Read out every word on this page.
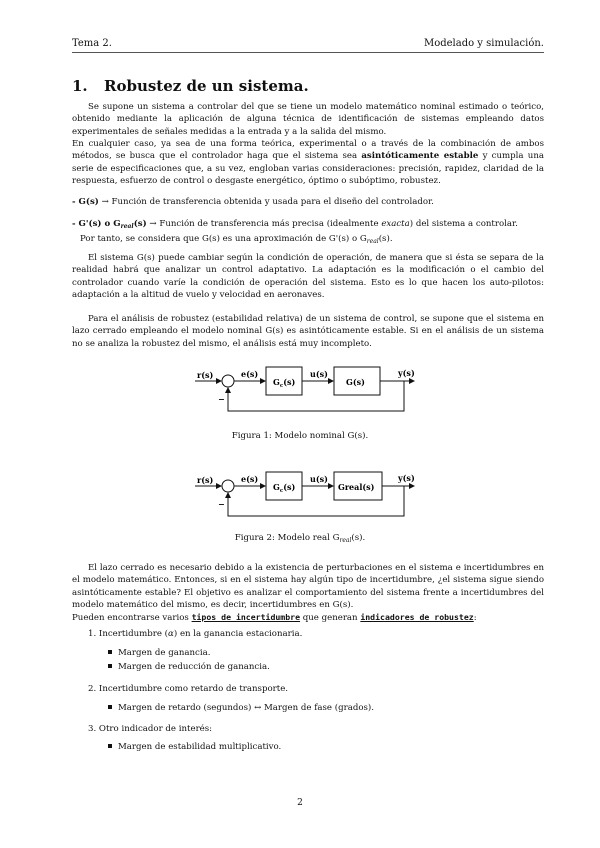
Tema 2.	Modelado y simulación.
1. Robustez de un sistema.
Se supone un sistema a controlar del que se tiene un modelo matemático nominal estimado o teórico, obtenido mediante la aplicación de alguna técnica de identificación de sistemas empleando datos experimentales de señales medidas a la entrada y a la salida del mismo.
En cualquier caso, ya sea de una forma teórica, experimental o a través de la combinación de ambos métodos, se busca que el controlador haga que el sistema sea asintóticamente estable y cumpla una serie de especificaciones que, a su vez, engloban varias consideraciones: precisión, rapidez, claridad de la respuesta, esfuerzo de control o desgaste energético, óptimo o subóptimo, robustez.
- G(s) → Función de transferencia obtenida y usada para el diseño del controlador.
- G'(s) o $G_{real}(s)$ → Función de transferencia más precisa (idealmente exacta) del sistema a controlar.
Por tanto, se considera que G(s) es una aproximación de G'(s) o $G_{real}(s)$.
El sistema G(s) puede cambiar según la condición de operación, de manera que si ésta se separa de la realidad habrá que analizar un control adaptativo. La adaptación es la modificación o el cambio del controlador cuando varíe la condición de operación del sistema. Esto es lo que hacen los auto-pilotos: adaptación a la altitud de vuelo y velocidad en aeronaves.
Para el análisis de robustez (estabilidad relativa) de un sistema de control, se supone que el sistema en lazo cerrado empleando el modelo nominal G(s) es asintóticamente estable. Si en el análisis de un sistema no se analiza la robustez del mismo, el análisis está muy incompleto.
r(s)	e(s)
$G_c(s)$
u(s)
G(s)
y(s)
−
Figura 1: Modelo nominal G(s).
r(s)	e(s)
$G_c(s)$
u(s)
Greal(s)
y(s)
−
Figura 2: Modelo real $G_{real}(s)$.
El lazo cerrado es necesario debido a la existencia de perturbaciones en el sistema e incertidumbres en el modelo matemático. Entonces, si en el sistema hay algún tipo de incertidumbre, ¿el sistema sigue siendo asintóticamente estable? El objetivo es analizar el comportamiento del sistema frente a incertidumbres del modelo matemático del mismo, es decir, incertidumbres en G(s).
Pueden encontrarse varios tipos de incertidumbre que generan indicadores de robustez:
1. Incertidumbre (α) en la ganancia estacionaria.
Margen de ganancia.
Margen de reducción de ganancia.
2. Incertidumbre como retardo de transporte.
Margen de retardo (segundos) ↔ Margen de fase (grados).
3. Otro indicador de interés:
Margen de estabilidad multiplicativo.
2
